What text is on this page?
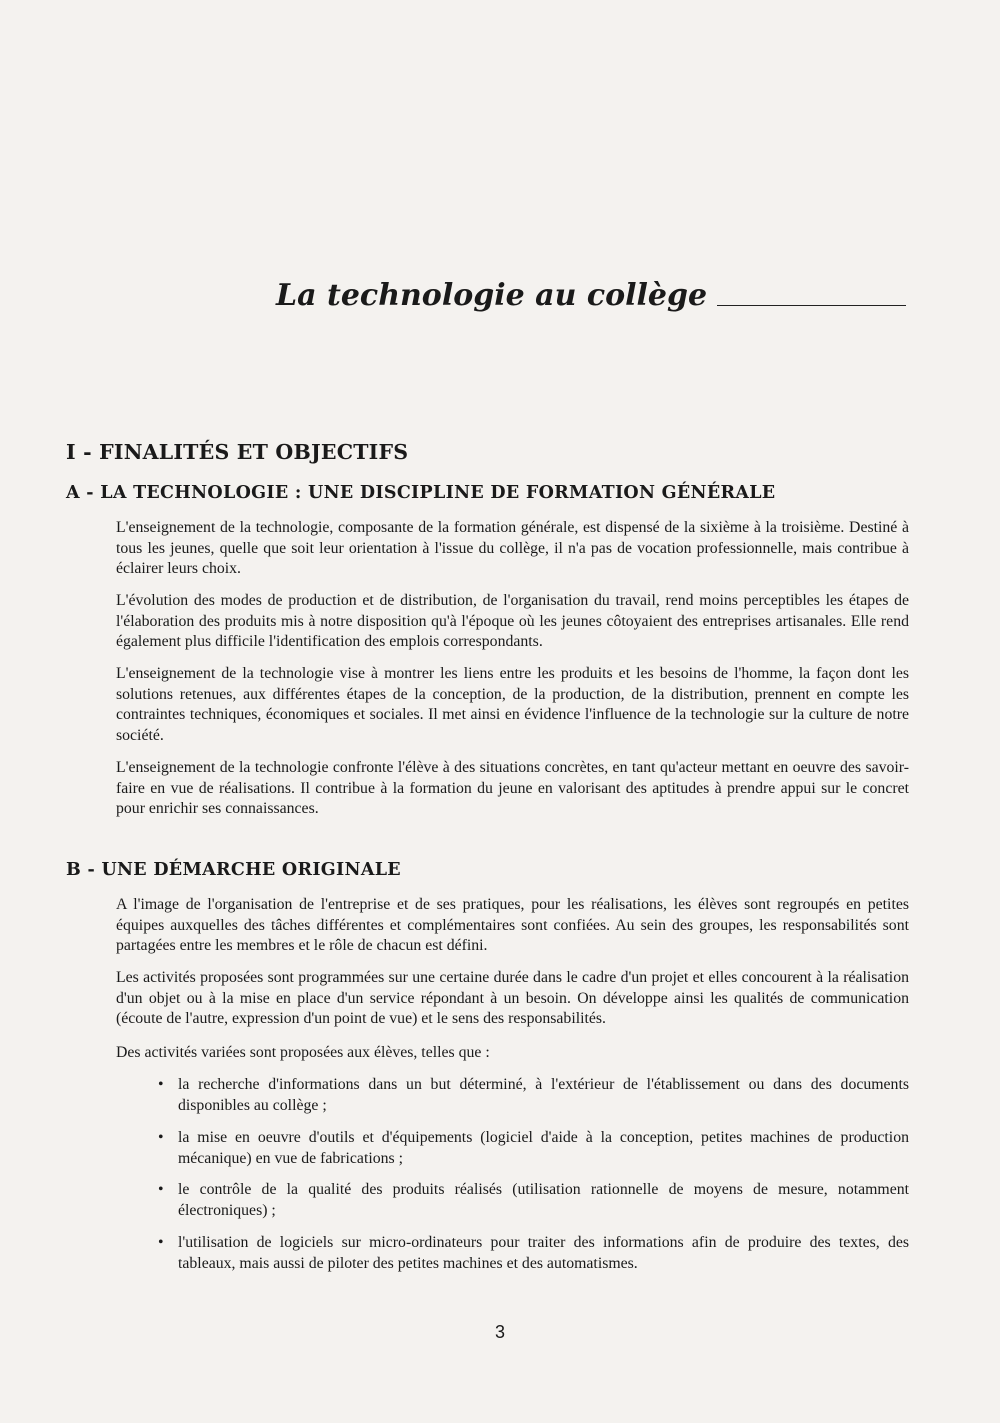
La technologie au collège
I - FINALITÉS ET OBJECTIFS
A - LA TECHNOLOGIE : UNE DISCIPLINE DE FORMATION GÉNÉRALE

L'enseignement de la technologie, composante de la formation générale, est dispensé de la sixième à la troisième. Destiné à tous les jeunes, quelle que soit leur orientation à l'issue du collège, il n'a pas de vocation professionnelle, mais contribue à éclairer leurs choix.

L'évolution des modes de production et de distribution, de l'organisation du travail, rend moins perceptibles les étapes de l'élaboration des produits mis à notre disposition qu'à l'époque où les jeunes côtoyaient des entreprises artisanales. Elle rend également plus difficile l'identification des emplois correspondants.

L'enseignement de la technologie vise à montrer les liens entre les produits et les besoins de l'homme, la façon dont les solutions retenues, aux différentes étapes de la conception, de la production, de la distribution, prennent en compte les contraintes techniques, économiques et sociales. Il met ainsi en évidence l'influence de la technologie sur la culture de notre société.

L'enseignement de la technologie confronte l'élève à des situations concrètes, en tant qu'acteur mettant en oeuvre des savoir-faire en vue de réalisations. Il contribue à la formation du jeune en valorisant des aptitudes à prendre appui sur le concret pour enrichir ses connaissances.

B - UNE DÉMARCHE ORIGINALE

A l'image de l'organisation de l'entreprise et de ses pratiques, pour les réalisations, les élèves sont regroupés en petites équipes auxquelles des tâches différentes et complémentaires sont confiées. Au sein des groupes, les responsabilités sont partagées entre les membres et le rôle de chacun est défini.

Les activités proposées sont programmées sur une certaine durée dans le cadre d'un projet et elles concourent à la réalisation d'un objet ou à la mise en place d'un service répondant à un besoin. On développe ainsi les qualités de communication (écoute de l'autre, expression d'un point de vue) et le sens des responsabilités.

Des activités variées sont proposées aux élèves, telles que :

• la recherche d'informations dans un but déterminé, à l'extérieur de l'établissement ou dans des documents disponibles au collège ;
• la mise en oeuvre d'outils et d'équipements (logiciel d'aide à la conception, petites machines de production mécanique) en vue de fabrications ;
• le contrôle de la qualité des produits réalisés (utilisation rationnelle de moyens de mesure, notamment électroniques) ;
• l'utilisation de logiciels sur micro-ordinateurs pour traiter des informations afin de produire des textes, des tableaux, mais aussi de piloter des petites machines et des automatismes.
3
